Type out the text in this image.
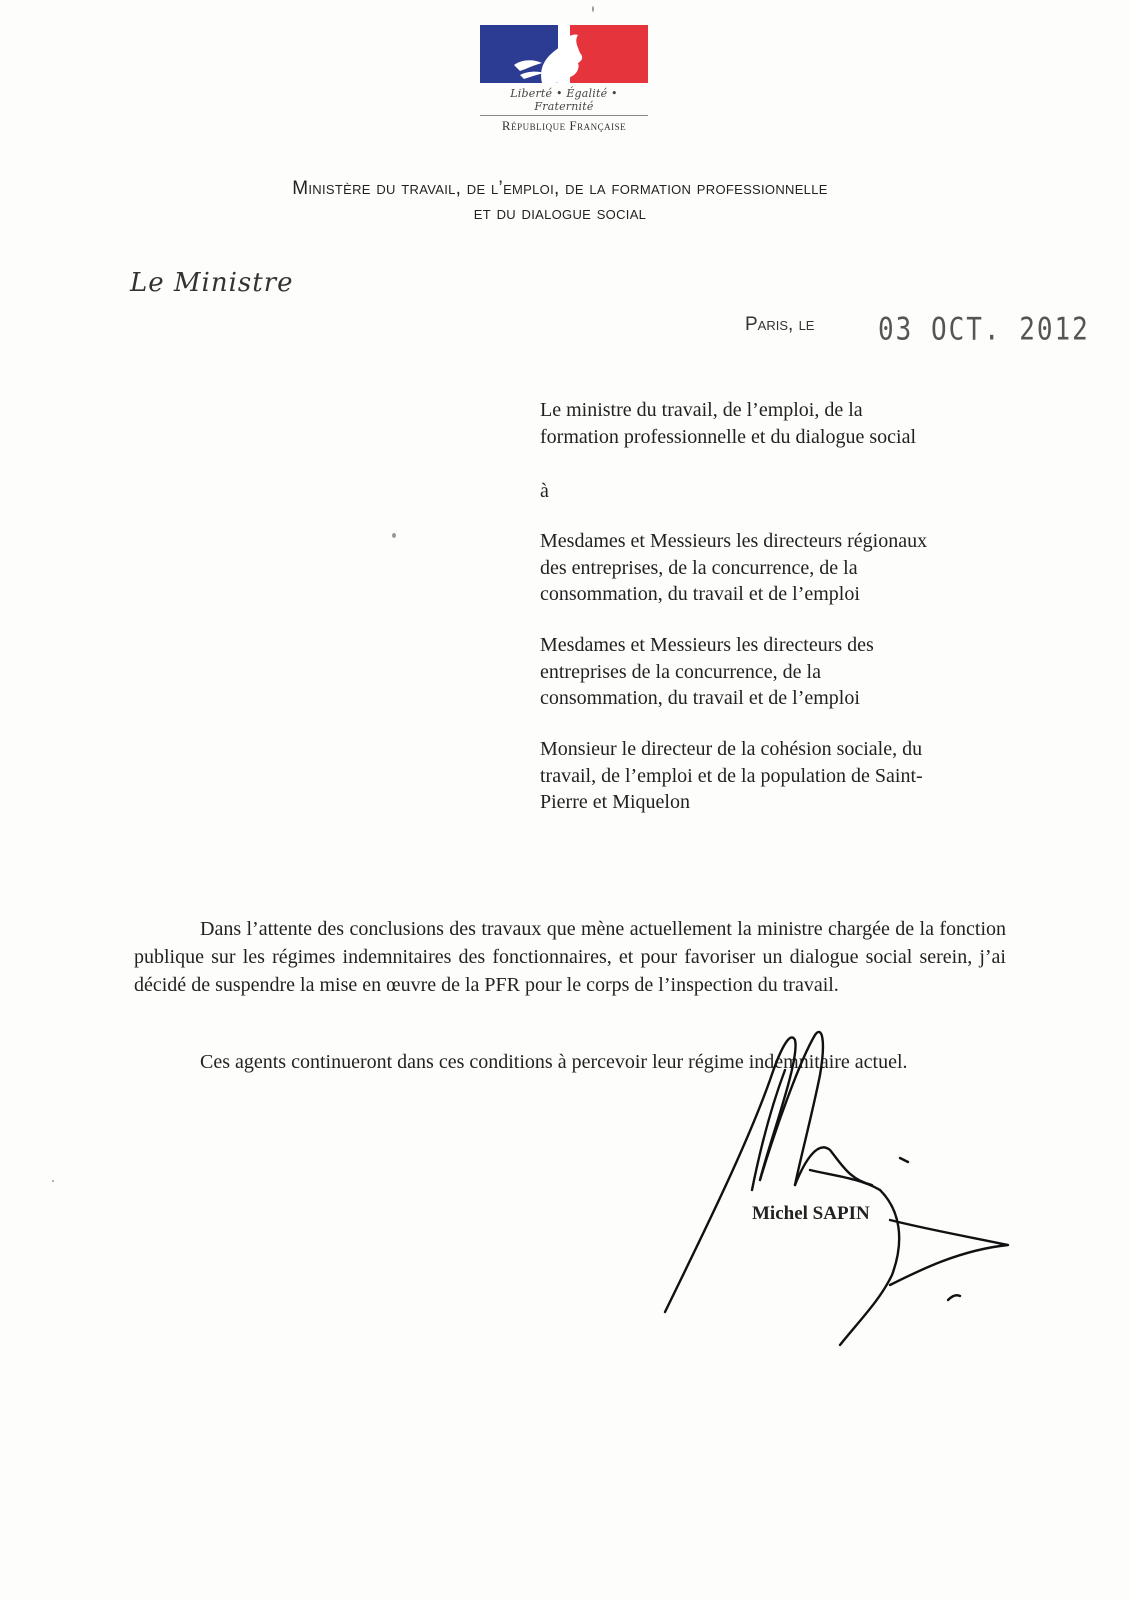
Liberté • Égalité • Fraternité
République Française
Ministère du travail, de l’emploi, de la formation professionnelle
et du dialogue social
Le Ministre
Paris, le 03 OCT. 2012
Le ministre du travail, de l’emploi, de la
formation professionnelle et du dialogue social
à
Mesdames et Messieurs les directeurs régionaux
des entreprises, de la concurrence, de la
consommation, du travail et de l’emploi
Mesdames et Messieurs les directeurs des
entreprises de la concurrence, de la
consommation, du travail et de l’emploi
Monsieur le directeur de la cohésion sociale, du
travail, de l’emploi et de la population de Saint-
Pierre et Miquelon

Dans l’attente des conclusions des travaux que mène actuellement la ministre chargée de la fonction publique sur les régimes indemnitaires des fonctionnaires, et pour favoriser un dialogue social serein, j’ai décidé de suspendre la mise en œuvre de la PFR pour le corps de l’inspection du travail.

Ces agents continueront dans ces conditions à percevoir leur régime indemnitaire actuel.

Michel SAPIN
